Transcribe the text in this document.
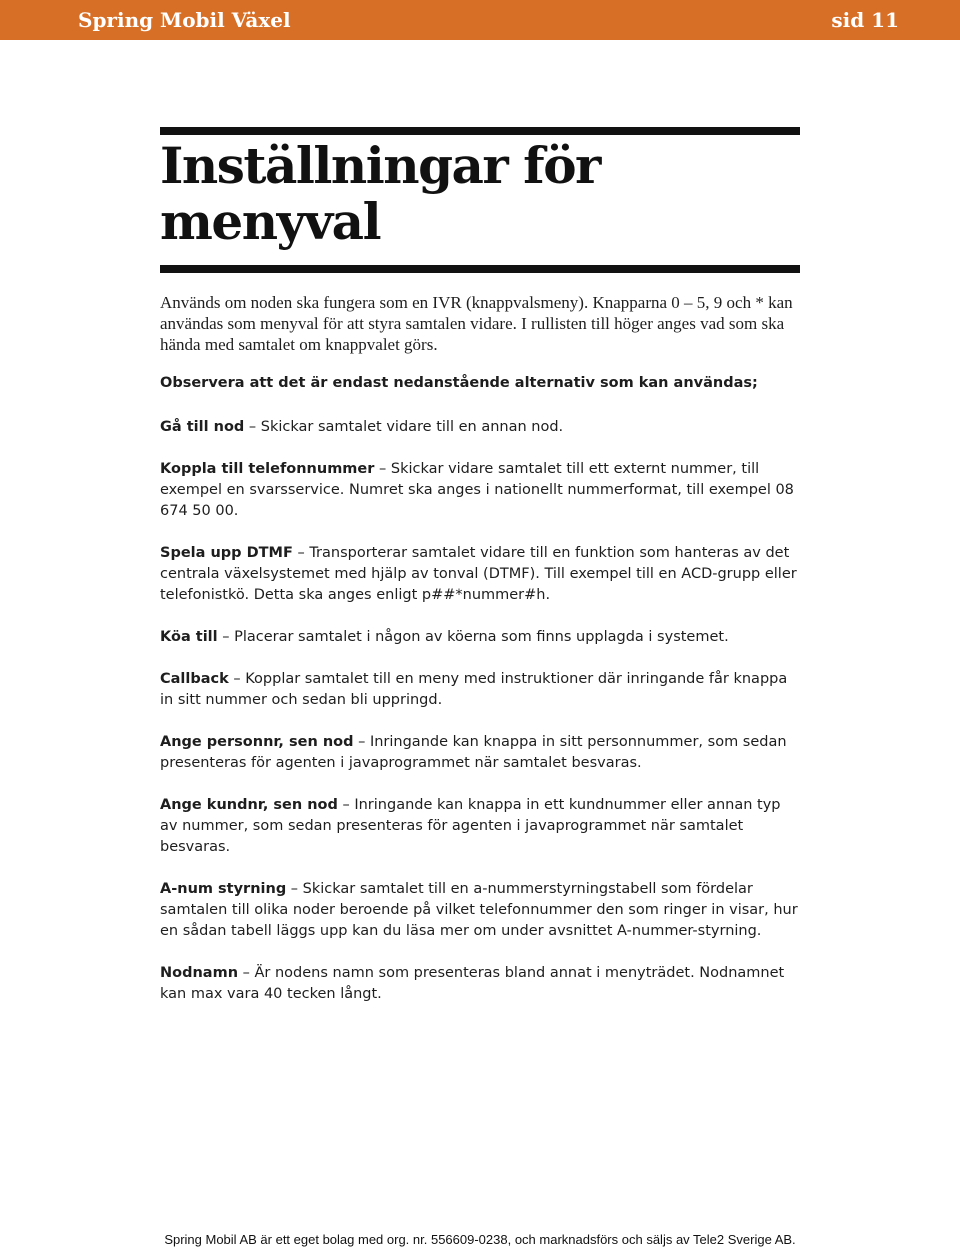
Spring Mobil Växel	sid 11
Inställningar för menyval

Används om noden ska fungera som en IVR (knappvalsmeny). Knapparna 0 – 5, 9 och * kan användas som menyval för att styra samtalen vidare. I rullisten till höger anges vad som ska hända med samtalet om knappvalet görs.

Observera att det är endast nedanstående alternativ som kan användas;

Gå till nod – Skickar samtalet vidare till en annan nod.

Koppla till telefonnummer – Skickar vidare samtalet till ett externt nummer, till exempel en svarsservice. Numret ska anges i nationellt nummerformat, till exempel 08 674 50 00.

Spela upp DTMF – Transporterar samtalet vidare till en funktion som hanteras av det centrala växelsystemet med hjälp av tonval (DTMF). Till exempel till en ACD-grupp eller telefonistkö. Detta ska anges enligt p##*nummer#h.

Köa till – Placerar samtalet i någon av köerna som finns upplagda i systemet.

Callback – Kopplar samtalet till en meny med instruktioner där inringande får knappa in sitt nummer och sedan bli uppringd.

Ange personnr, sen nod – Inringande kan knappa in sitt personnummer, som sedan presenteras för agenten i javaprogrammet när samtalet besvaras.

Ange kundnr, sen nod – Inringande kan knappa in ett kundnummer eller annan typ av nummer, som sedan presenteras för agenten i javaprogrammet när samtalet besvaras.

A-num styrning – Skickar samtalet till en a-nummerstyrningstabell som fördelar samtalen till olika noder beroende på vilket telefonnummer den som ringer in visar, hur en sådan tabell läggs upp kan du läsa mer om under avsnittet A-nummer-styrning.

Nodnamn – Är nodens namn som presenteras bland annat i menyträdet. Nodnamnet kan max vara 40 tecken långt.

Spring Mobil AB är ett eget bolag med org. nr. 556609-0238, och marknadsförs och säljs av Tele2 Sverige AB.
